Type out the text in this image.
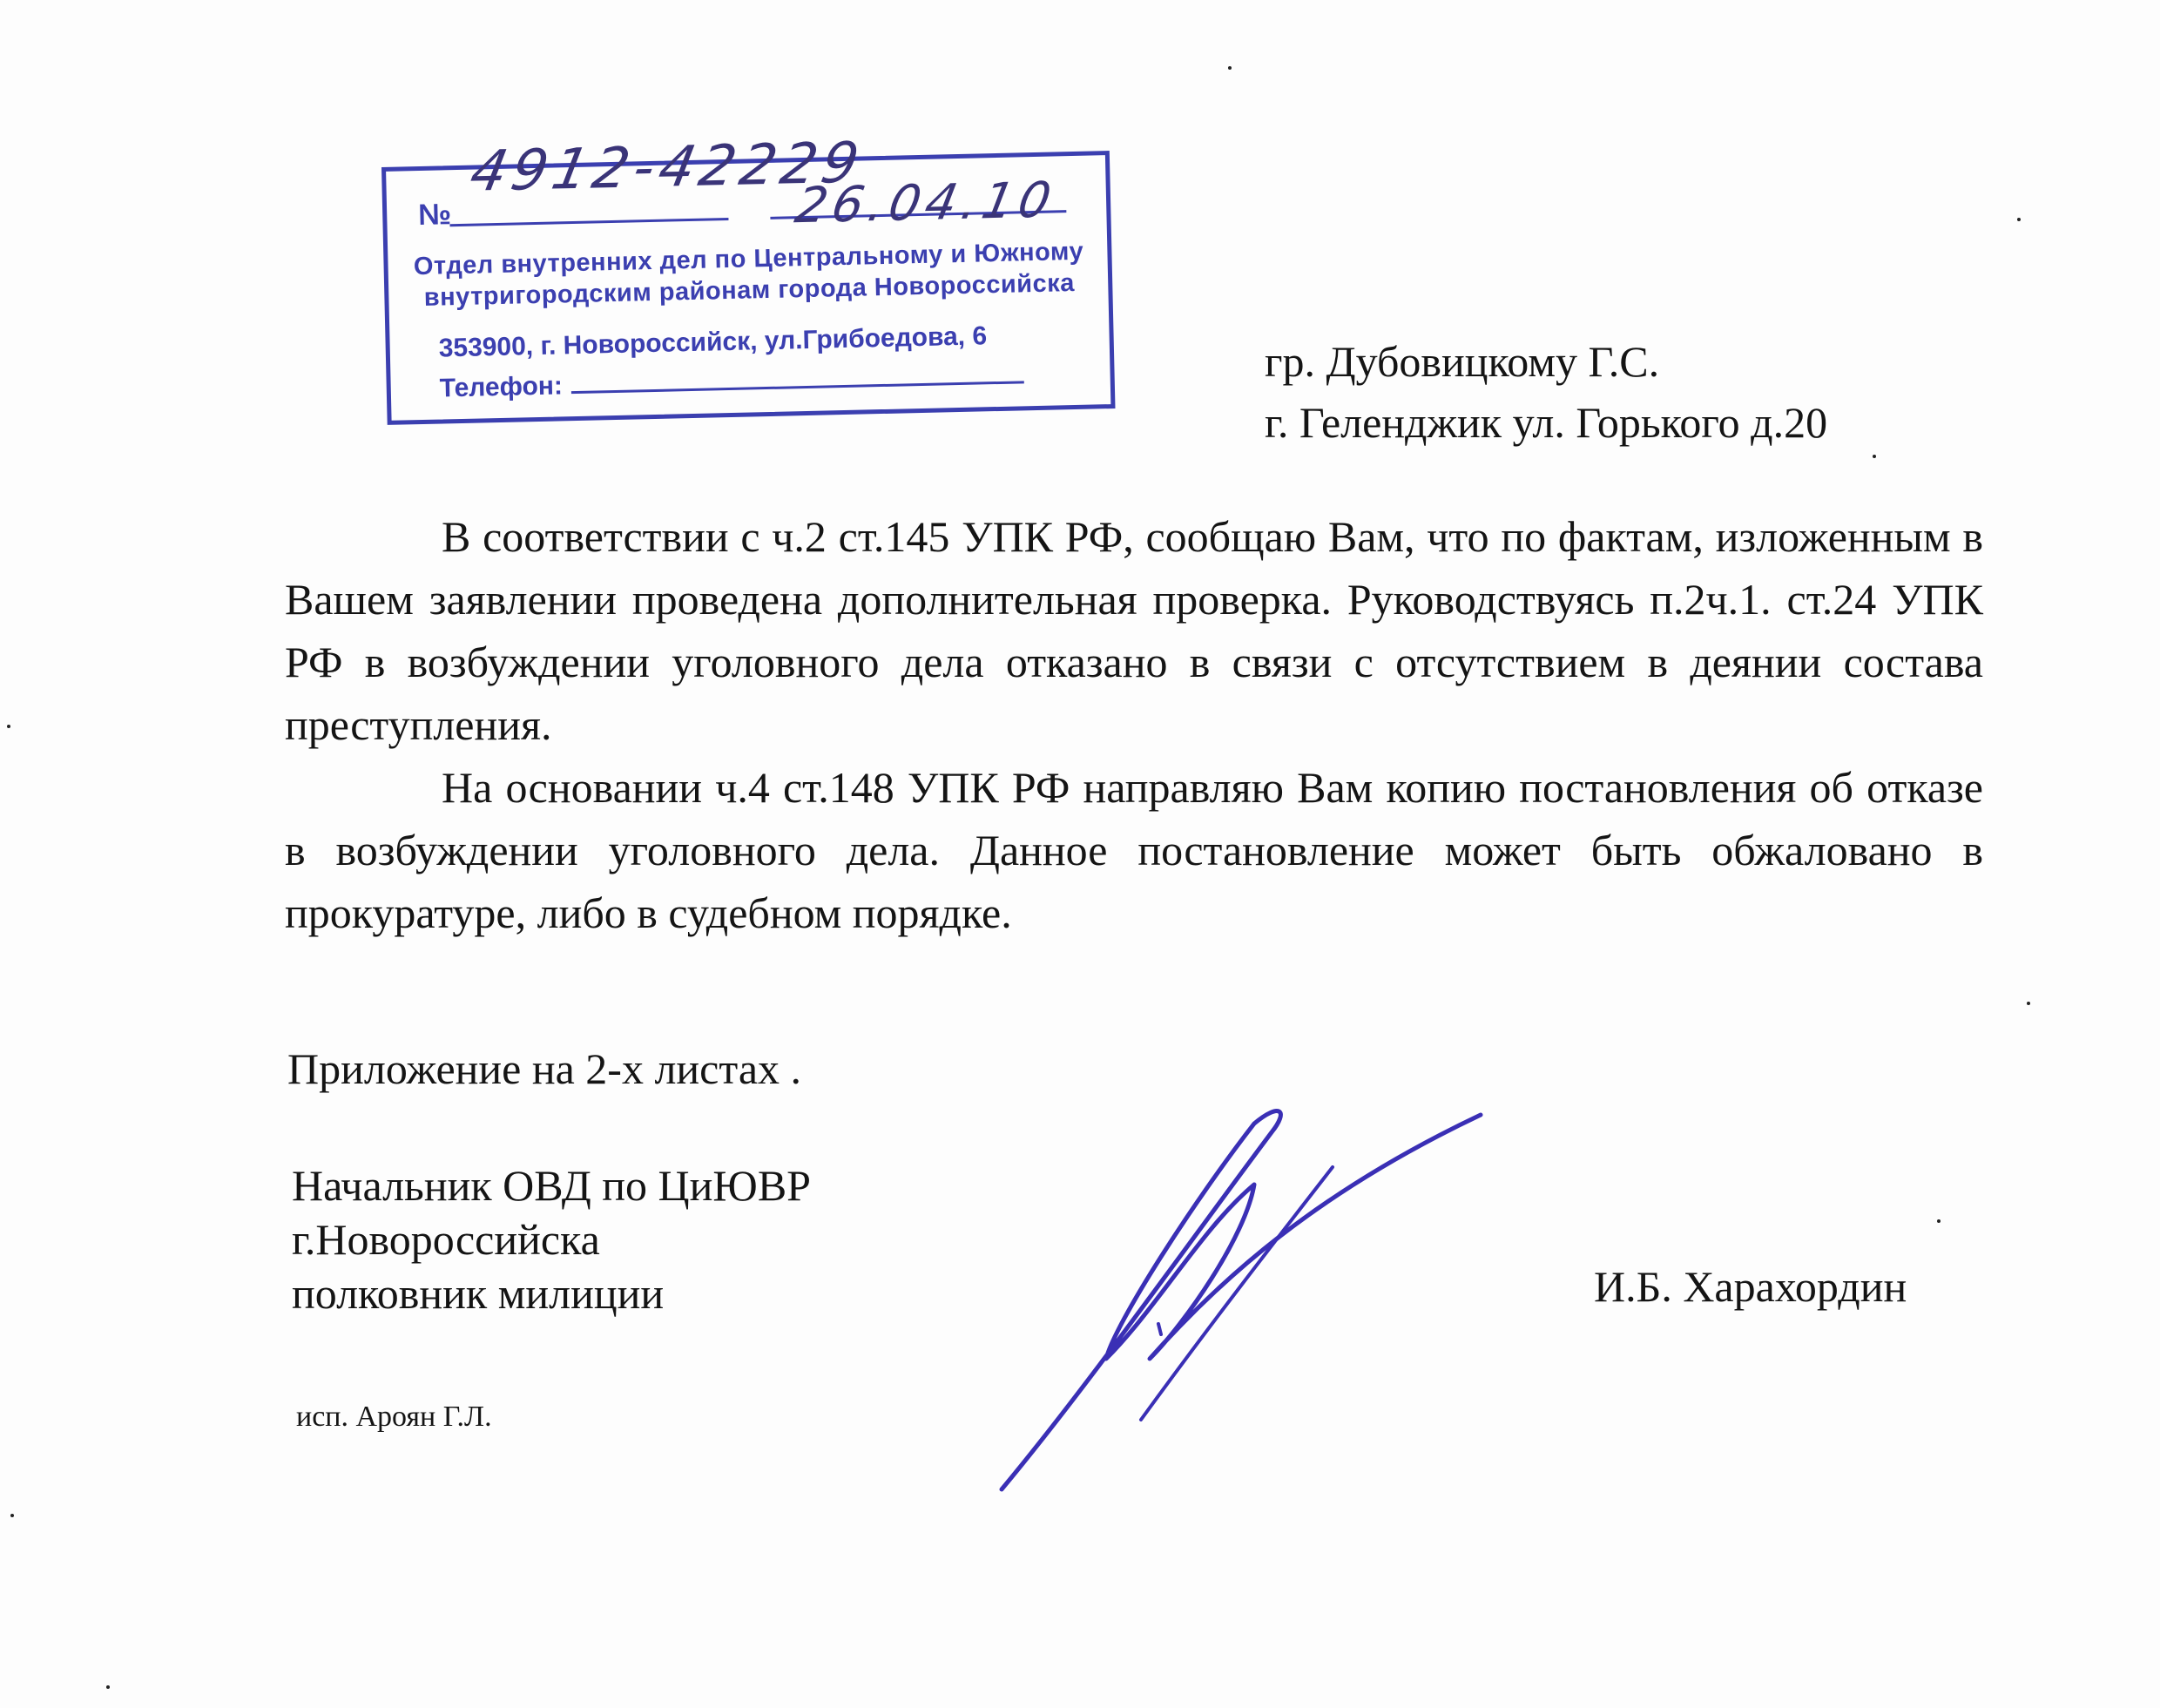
№
4912-42229
26.04.10
Отдел внутренних дел по Центральному и Южному
внутригородским районам города Новороссийска
353900, г. Новороссийск, ул.Грибоедова, 6
Телефон:
гр. Дубовицкому Г.С.
г. Геленджик ул. Горького д.20

В соответствии с ч.2 ст.145 УПК РФ, сообщаю Вам, что по фактам, изложенным в Вашем заявлении проведена дополнительная проверка. Руководствуясь п.2ч.1. ст.24 УПК РФ в возбуждении уголовного дела отказано в связи с отсутствием в деянии состава преступления.

На основании ч.4 ст.148 УПК РФ направляю Вам копию постановления об отказе в возбуждении уголовного дела. Данное постановление может быть обжаловано в прокуратуре, либо в судебном порядке.

Приложение на 2-х листах .
Начальник ОВД по ЦиЮВР
г.Новороссийска
полковник милиции	И.Б. Харахордин
исп. Ароян Г.Л.
